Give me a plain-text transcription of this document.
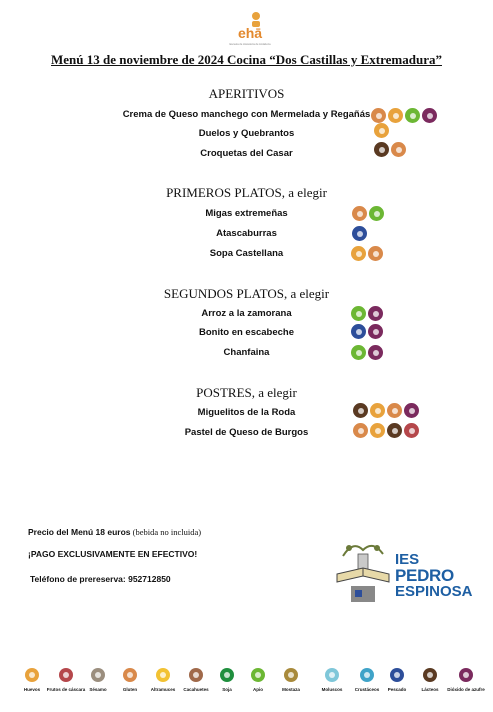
ehā
Escuela de Hostelería de Andalucía
Menú 13 de noviembre de 2024 Cocina “Dos Castillas y Extremadura”
APERITIVOS
Crema de Queso manchego con Mermelada y Regañás
Duelos y Quebrantos
Croquetas del Casar
PRIMEROS PLATOS, a elegir
Migas extremeñas
Atascaburras
Sopa Castellana
SEGUNDOS PLATOS, a elegir
Arroz a la zamorana
Bonito en escabeche
Chanfaina
POSTRES, a elegir
Miguelitos de la Roda
Pastel de Queso de Burgos
Precio del Menú 18 euros (bebida no incluida)
¡PAGO EXCLUSIVAMENTE EN EFECTIVO!
Teléfono de prereserva: 952712850
IES
PEDRO
ESPINOSA
Huevos	Frutos de cáscara Sésamo	Gluten	Altramuces	Cacahuetes	Soja	Apio	Mostaza	Moluscos	Crustáceos	Pescado	Lácteos	Dióxido de azufre
